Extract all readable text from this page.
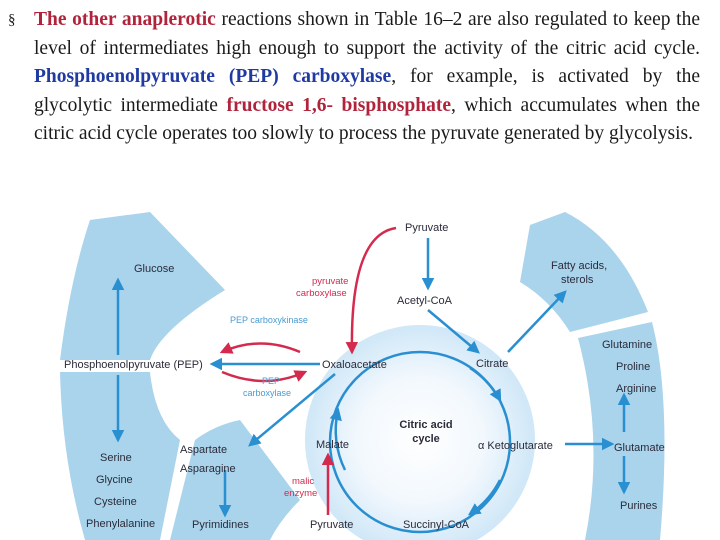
§ The other anaplerotic reactions shown in Table 16–2 are also regulated to keep the level of intermediates high enough to support the activity of the citric acid cycle. Phosphoenolpyruvate (PEP) carboxylase, for example, is activated by the glycolytic intermediate fructose 1,6- bisphosphate, which accumulates when the citric acid cycle operates too slowly to process the pyruvate generated by glycolysis.
Citric acid
cycle
Pyruvate
Acetyl-CoA
Citrate
α Ketoglutarate
Succinyl-CoA
Malate
Oxaloacetate
Pyruvate
pyruvate
carboxylase
PEP carboxykinase
PEP
carboxylase
malic
enzyme
Glucose
Phosphoenolpyruvate (PEP)
Serine
Glycine
Cysteine
Phenylalanine
Aspartate
Asparagine
Pyrimidines
Fatty acids,
sterols
Glutamine
Proline
Arginine
Glutamate
Purines
